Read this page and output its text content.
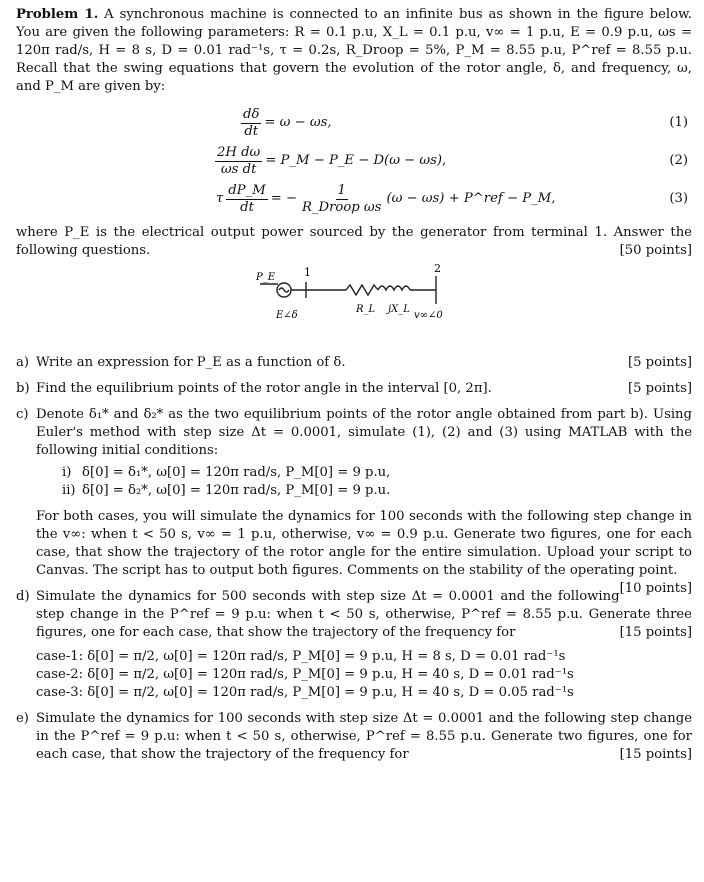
Problem 1. A synchronous machine is connected to an infinite bus as shown in the figure below. You are given the following parameters: R = 0.1 p.u, X_L = 0.1 p.u, v∞ = 1 p.u, E = 0.9 p.u, ωs = 120π rad/s, H = 8 s, D = 0.01 rad⁻¹s, τ = 0.2s, R_Droop = 5%, P_M = 8.55 p.u, P^ref = 8.55 p.u. Recall that the swing equations that govern the evolution of the rotor angle, δ, and frequency, ω, and P_M are given by:

$\frac{d\delta}{dt} = \omega - \omega s$,	(1)
$\frac{\text{2H dω}}{\text{ωs dt}}$ = P_M − P_E − D(ω − ωs),	(2)
τ $\frac{dP\_M}{dt}$ = − $\frac{1}{\text{R\_Droop ωs}} (\omega - \omega s)$ + P^ref − P_M,	(3)

where P_E is the electrical output power sourced by the generator from terminal 1. Answer the following questions.	[50 points]

P_E	1	2
R_L jX_L
E∠δ	v∞∠0
a) Write an expression for P_E as a function of δ.	[5 points]
b) Find the equilibrium points of the rotor angle in the interval [0, 2π].	[5 points]
c) Denote δ₁* and δ₂* as the two equilibrium points of the rotor angle obtained from part b). Using Euler's method with step size Δt = 0.0001, simulate (1), (2) and (3) using MATLAB with the following initial conditions:
i) δ[0] = δ₁*, ω[0] = 120π rad/s, P_M[0] = 9 p.u,
ii) δ[0] = δ₂*, ω[0] = 120π rad/s, P_M[0] = 9 p.u.
For both cases, you will simulate the dynamics for 100 seconds with the following step change in the v∞: when t < 50 s, v∞ = 1 p.u, otherwise, v∞ = 0.9 p.u. Generate two figures, one for each case, that show the trajectory of the rotor angle for the entire simulation. Upload your script to Canvas. The script has to output both figures. Comments on the stability of the operating point.
[10 points]
d) Simulate the dynamics for 500 seconds with step size Δt = 0.0001 and the following step change in the P^ref = 9 p.u: when t < 50 s, otherwise, P^ref = 8.55 p.u. Generate three figures, one for each case, that show the trajectory of the frequency for	[15 points]
case-1: δ[0] = π/2, ω[0] = 120π rad/s, P_M[0] = 9 p.u, H = 8 s, D = 0.01 rad⁻¹s
case-2: δ[0] = π/2, ω[0] = 120π rad/s, P_M[0] = 9 p.u, H = 40 s, D = 0.01 rad⁻¹s
case-3: δ[0] = π/2, ω[0] = 120π rad/s, P_M[0] = 9 p.u, H = 40 s, D = 0.05 rad⁻¹s
e) Simulate the dynamics for 100 seconds with step size Δt = 0.0001 and the following step change in the P^ref = 9 p.u: when t < 50 s, otherwise, P^ref = 8.55 p.u. Generate two figures, one for each case, that show the trajectory of the frequency for	[15 points]
